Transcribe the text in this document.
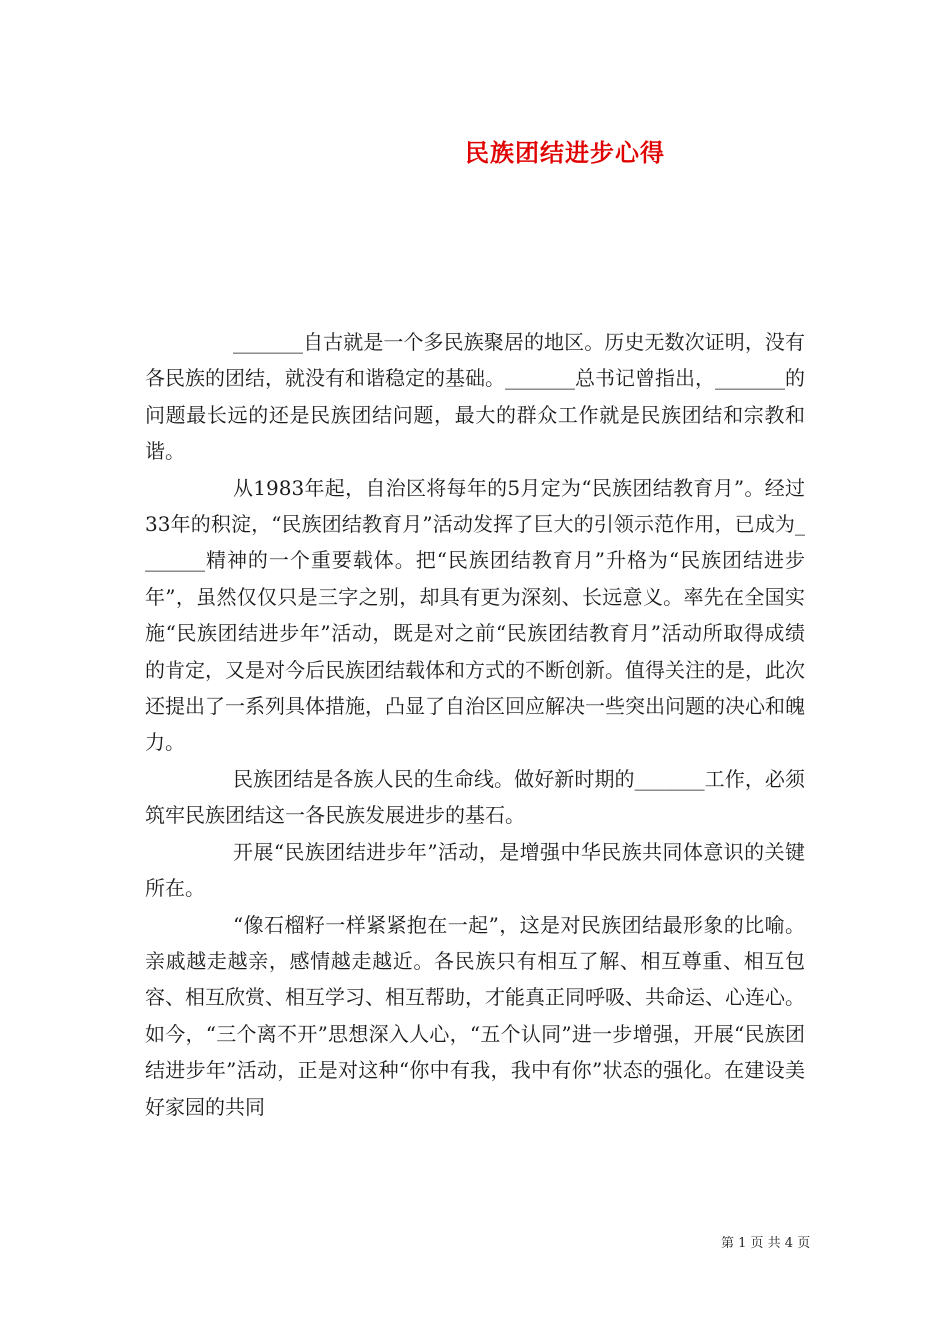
民族团结进步心得

_______自古就是一个多民族聚居的地区。历史无数次证明，没有各民族的团结，就没有和谐稳定的基础。_______总书记曾指出，_______的问题最长远的还是民族团结问题，最大的群众工作就是民族团结和宗教和谐。

从1983年起，自治区将每年的5月定为“民族团结教育月”。经过33年的积淀，“民族团结教育月”活动发挥了巨大的引领示范作用，已成为_______精神的一个重要载体。把“民族团结教育月”升格为“民族团结进步年”，虽然仅仅只是三字之别，却具有更为深刻、长远意义。率先在全国实施“民族团结进步年”活动，既是对之前“民族团结教育月”活动所取得成绩的肯定，又是对今后民族团结载体和方式的不断创新。值得关注的是，此次还提出了一系列具体措施，凸显了自治区回应解决一些突出问题的决心和魄力。

民族团结是各族人民的生命线。做好新时期的_______工作，必须筑牢民族团结这一各民族发展进步的基石。

开展“民族团结进步年”活动，是增强中华民族共同体意识的关键所在。

“像石榴籽一样紧紧抱在一起”，这是对民族团结最形象的比喻。亲戚越走越亲，感情越走越近。各民族只有相互了解、相互尊重、相互包容、相互欣赏、相互学习、相互帮助，才能真正同呼吸、共命运、心连心。如今，“三个离不开”思想深入人心，“五个认同”进一步增强，开展“民族团结进步年”活动，正是对这种“你中有我，我中有你”状态的强化。在建设美好家园的共同

第 1 页 共 4 页
